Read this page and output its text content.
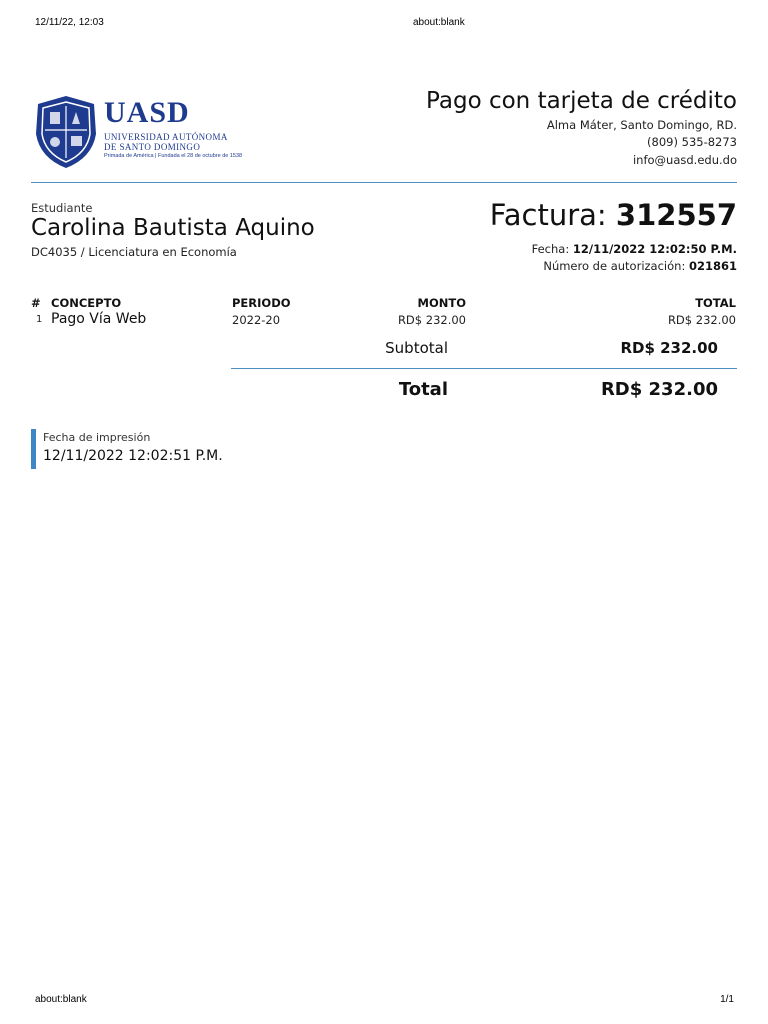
12/11/22, 12:03	about:blank
about:blank	1/1
UASD
UNIVERSIDAD AUTÓNOMA
DE SANTO DOMINGO
Primada de América | Fundada el 28 de octubre de 1538
Pago con tarjeta de crédito
Alma Máter, Santo Domingo, RD.
(809) 535-8273
info@uasd.edu.do
Estudiante
Carolina Bautista Aquino
DC4035 / Licenciatura en Economía
Factura: 312557
Fecha: 12/11/2022 12:02:50 P.M.
Número de autorización: 021861
# CONCEPTO	PERIODO	MONTO	TOTAL
1 Pago Vía Web	2022-20	RD$ 232.00	RD$ 232.00
Subtotal	RD$ 232.00
Total	RD$ 232.00
Fecha de impresión
12/11/2022 12:02:51 P.M.
